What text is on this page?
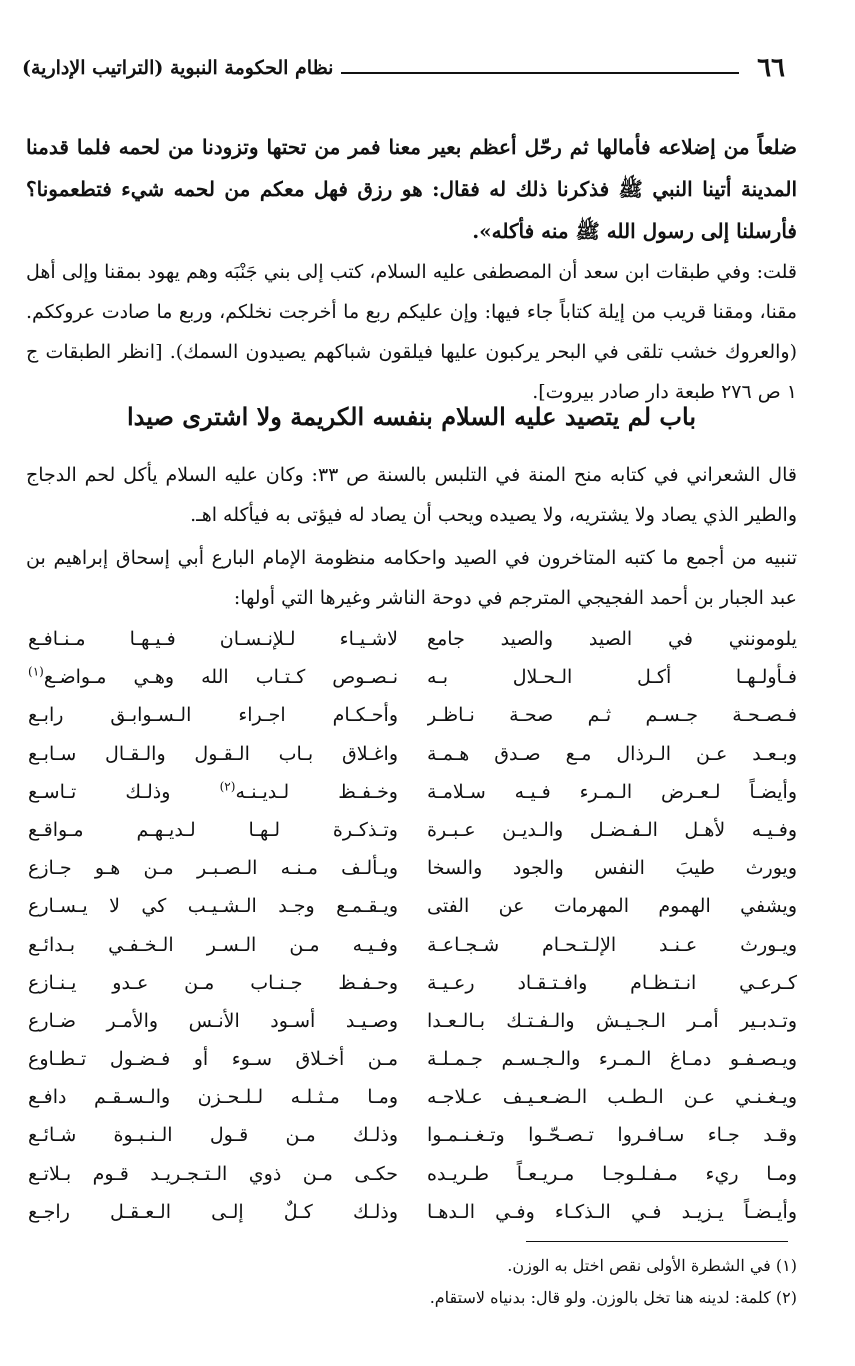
٦٦
نظام الحكومة النبوية (التراتيب الإدارية)

ضلعاً من إضلاعه فأمالها ثم رحّل أعظم بعير معنا فمر من تحتها وتزودنا من لحمه فلما قدمنا المدينة أتينا النبي ﷺ فذكرنا ذلك له فقال: هو رزق فهل معكم من لحمه شيء فتطعمونا؟ فأرسلنا إلى رسول الله ﷺ منه فأكله».

قلت: وفي طبقات ابن سعد أن المصطفى عليه السلام، كتب إلى بني جَنْبَه وهم يهود بمقنا وإلى أهل مقنا، ومقنا قريب من إيلة كتاباً جاء فيها: وإن عليكم ربع ما أخرجت نخلكم، وربع ما صادت عروككم. (والعروك خشب تلقى في البحر يركبون عليها فيلقون شباكهم يصيدون السمك). [انظر الطبقات ج ١ ص ٢٧٦ طبعة دار صادر بيروت].

باب لم يتصيد عليه السلام بنفسه الكريمة ولا اشترى صيدا

قال الشعراني في كتابه منح المنة في التلبس بالسنة ص ٣٣: وكان عليه السلام يأكل لحم الدجاج والطير الذي يصاد ولا يشتريه، ولا يصيده ويحب أن يصاد له فيؤتى به فيأكله اهـ.

تنبيه من أجمع ما كتبه المتاخرون في الصيد واحكامه منظومة الإمام البارع أبي إسحاق إبراهيم بن عبد الجبار بن أحمد الفجيجي المترجم في دوحة الناشر وغيرها التي أولها:

يلومونني في الصيد والصيد جامع
فـأولـهـا أكـل الـحـلال بـه
فـصـحـة جـسـم ثـم صحـة نـاظـر
وبـعـد عـن الـرذال مـع صـدق هـمـة
وأيضـاً لـعـرض الـمـرء فـيـه سـلامـة
وفـيـه لأهـل الـفـضـل والـديـن عـبـرة
ويورث طيبَ النفس والجود والسخا
ويشفي الهموم المهرمات عن الفتى
ويـورث عـنـد الإلـتـحـام شـجـاعـة
كـرعـي انـتـظـام وافـتـقـاد رعـيـة
وتـدبـير أمـر الـجـيـش والـفـتـك بـالـعـدا
ويـصـفـو دمـاغ الـمـرء والـجـسـم جـمـلـة
ويـغـنـي عـن الـطـب الـضـعـيـف عـلاجـه
وقـد جـاء سـافـروا تـصـحّـوا وتـغـنـمـوا
ومـا ريء مـفـلـوجـا مـريـعـاً طـريـده
وأيـضـاً يـزيـد فـي الـذكـاء وفـي الـدهـا
لاشـيـاء لـلإنـسـان فـيـهـا مـنـافـع
نـصـوص كـتـاب الله وهـي مـواضـع$^{(١)}$
وأحـكـام اجـراء الـسـوابـق رابـع
واغـلاق بـاب الـقـول والـقـال سـابـع
وخـفـظ لـديـنـه$^{(٢)}$ وذلـك تـاسـع
وتـذكـرة لـهـا لـديـهـم مـواقـع
ويـألـف مـنـه الـصـبـر مـن هـو جـازع
ويـقـمـع وجـد الـشـيـب كي لا يـسـارع
وفـيـه مـن الـسـر الـخـفـي بـدائـع
وحـفـظ جـنـاب مـن عـدو يـنـازع
وصـيـد أسـود الأنـس والأمـر ضـارع
مـن أخـلاق سـوء أو فـضـول تـطـاوع
ومـا مـثـلـه لـلـحـزن والـسـقـم دافـع
وذلـك مـن قـول الـنـبـوة شـائـع
حكـى مـن ذوي الـتـجـريـد قـوم بـلاتـع
وذلـك كـلٌ إلـى الـعـقـل راجـع

(١) في الشطرة الأولى نقص اختل به الوزن.

(٢) كلمة: لدينه هنا تخل بالوزن. ولو قال: بدنياه لاستقام.
